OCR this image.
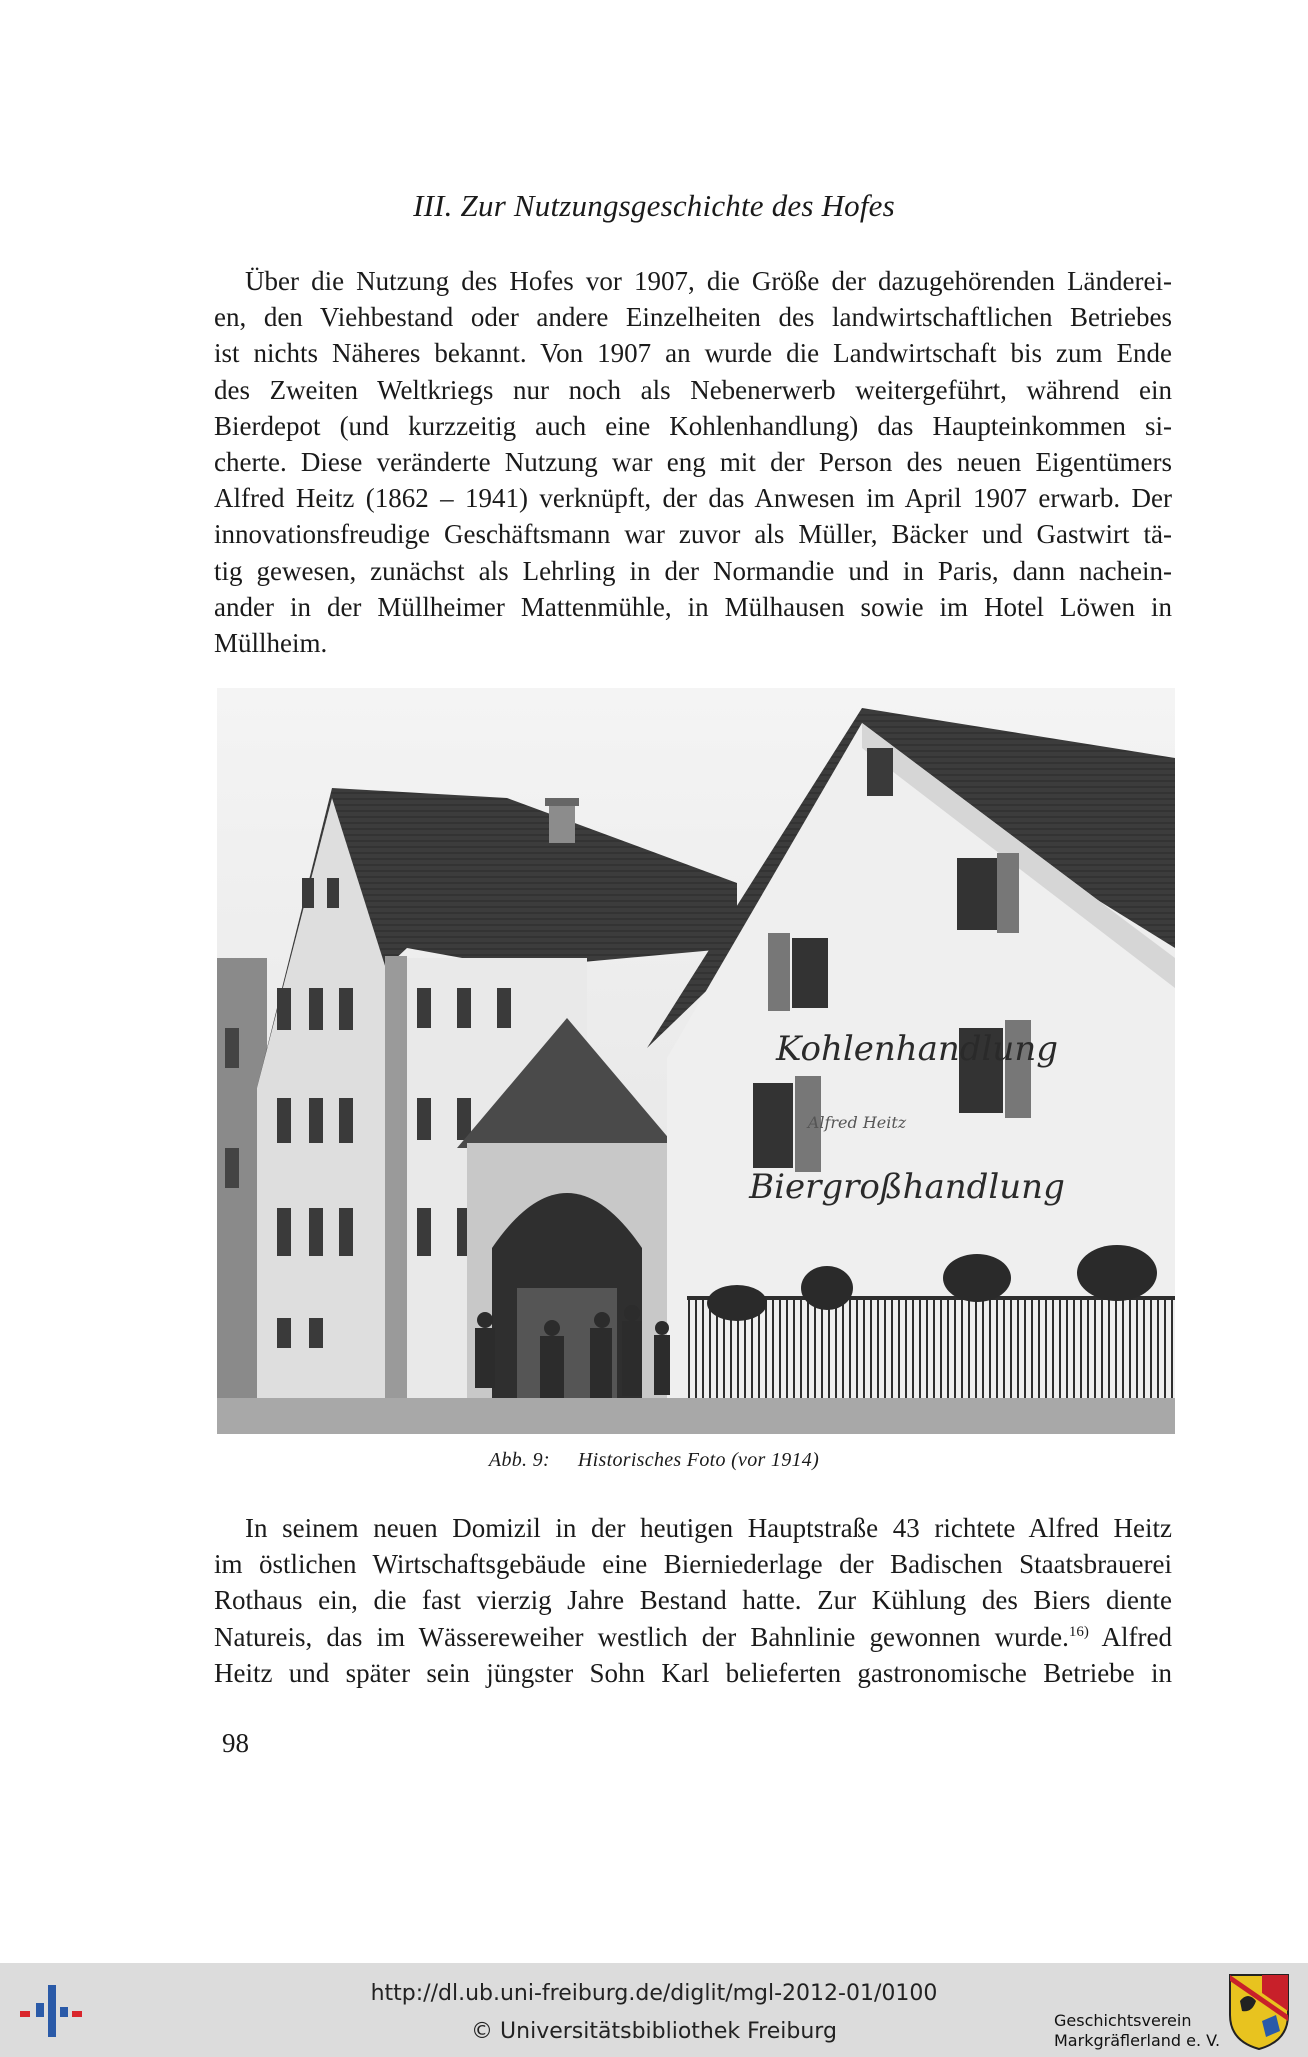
III. Zur Nutzungsgeschichte des Hofes
Über die Nutzung des Hofes vor 1907, die Größe der dazugehörenden Länderei-
en, den Viehbestand oder andere Einzelheiten des landwirtschaftlichen Betriebes
ist nichts Näheres bekannt. Von 1907 an wurde die Landwirtschaft bis zum Ende
des Zweiten Weltkriegs nur noch als Nebenerwerb weitergeführt, während ein
Bierdepot (und kurzzeitig auch eine Kohlenhandlung) das Haupteinkommen si-
cherte. Diese veränderte Nutzung war eng mit der Person des neuen Eigentümers
Alfred Heitz (1862 – 1941) verknüpft, der das Anwesen im April 1907 erwarb. Der
innovationsfreudige Geschäftsmann war zuvor als Müller, Bäcker und Gastwirt tä-
tig gewesen, zunächst als Lehrling in der Normandie und in Paris, dann nachein-
ander in der Müllheimer Mattenmühle, in Mülhausen sowie im Hotel Löwen in
Müllheim.
Kohlenhandlung
Alfred Heitz
Biergroßhandlung
Abb. 9: Historisches Foto (vor 1914)
In seinem neuen Domizil in der heutigen Hauptstraße 43 richtete Alfred Heitz
im östlichen Wirtschaftsgebäude eine Bierniederlage der Badischen Staatsbrauerei
Rothaus ein, die fast vierzig Jahre Bestand hatte. Zur Kühlung des Biers diente
Natureis, das im Wässereweiher westlich der Bahnlinie gewonnen wurde.$^{16)}$ Alfred
Heitz und später sein jüngster Sohn Karl belieferten gastronomische Betriebe in
98
http://dl.ub.uni-freiburg.de/diglit/mgl-2012-01/0100
© Universitätsbibliothek Freiburg	Geschichtsverein
Markgräflerland e. V.
